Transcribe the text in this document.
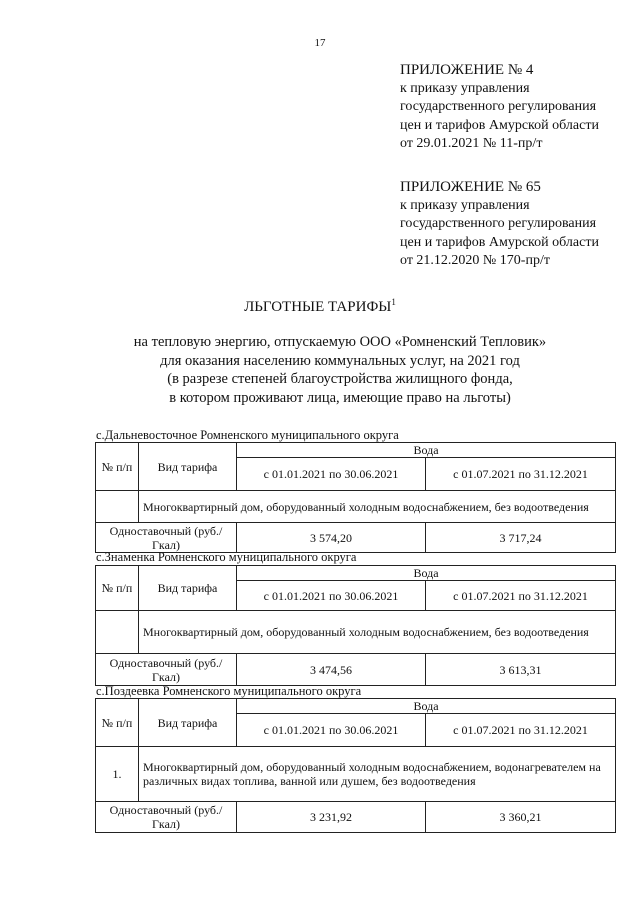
17
ПРИЛОЖЕНИЕ № 4
к приказу управления
государственного регулирования
цен и тарифов Амурской области
от 29.01.2021 № 11-пр/т
ПРИЛОЖЕНИЕ № 65
к приказу управления
государственного регулирования
цен и тарифов Амурской области
от 21.12.2020 № 170-пр/т
ЛЬГОТНЫЕ ТАРИФЫ$^1$
на тепловую энергию, отпускаемую ООО «Ромненский Тепловик»
для оказания населению коммунальных услуг, на 2021 год
(в разрезе степеней благоустройства жилищного фонда,
в котором проживают лица, имеющие право на льготы)
с.Дальневосточное Ромненского муниципального округа
№ п/п	Вид тарифа	Вода	
		с 01.01.2021 по 30.06.2021	с 01.07.2021 по 31.12.2021
	Многоквартирный дом, оборудованный холодным водоснабжением, без водоотведения		
Одноставочный (руб./Гкал)		3 574,20	3 717,24
с.Знаменка Ромненского муниципального округа
№ п/п	Вид тарифа	Вода	
		с 01.01.2021 по 30.06.2021	с 01.07.2021 по 31.12.2021
	Многоквартирный дом, оборудованный холодным водоснабжением, без водоотведения		
Одноставочный (руб./Гкал)		3 474,56	3 613,31
с.Поздеевка Ромненского муниципального округа
№ п/п	Вид тарифа	Вода	
		с 01.01.2021 по 30.06.2021	с 01.07.2021 по 31.12.2021
1.	Многоквартирный дом, оборудованный холодным водоснабжением, водонагревателем на различных видах топлива, ванной или душем, без водоотведения		
Одноставочный (руб./Гкал)		3 231,92	3 360,21
